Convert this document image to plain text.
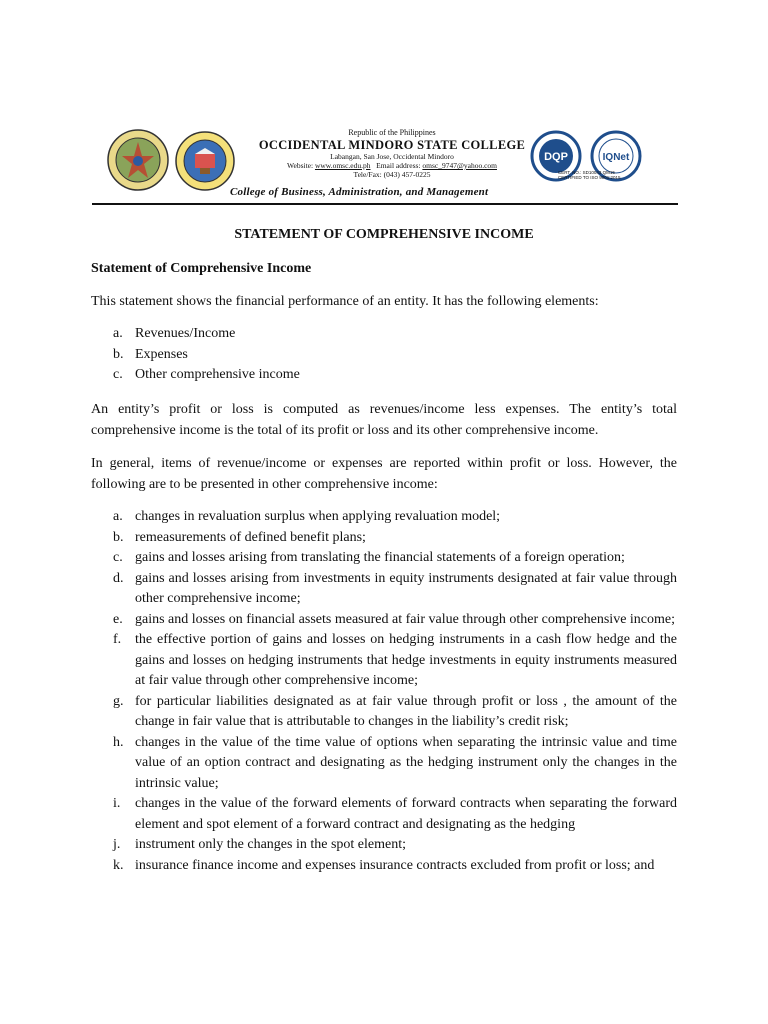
Republic of the Philippines
OCCIDENTAL MINDORO STATE COLLEGE
Labangan, San Jose, Occidental Mindoro
Website: www.omsc.edu.ph Email address: omsc_9747@yahoo.com
Tele/Fax: (043) 457-0225
DQP	IQNet
CERT. NO.: SD10043 QM15
CERTIFIED TO ISO 9001:2015
College of Business, Administration, and Management
STATEMENT OF COMPREHENSIVE INCOME
Statement of Comprehensive Income
This statement shows the financial performance of an entity. It has the following elements:
a. Revenues/Income
b. Expenses
c. Other comprehensive income
An entity’s profit or loss is computed as revenues/income less expenses. The entity’s total comprehensive income is the total of its profit or loss and its other comprehensive income.
In general, items of revenue/income or expenses are reported within profit or loss. However, the following are to be presented in other comprehensive income:
a. changes in revaluation surplus when applying revaluation model;
b. remeasurements of defined benefit plans;
c. gains and losses arising from translating the financial statements of a foreign operation;
d. gains and losses arising from investments in equity instruments designated at fair value through other comprehensive income;
e. gains and losses on financial assets measured at fair value through other comprehensive income;
f. the effective portion of gains and losses on hedging instruments in a cash flow hedge and the gains and losses on hedging instruments that hedge investments in equity instruments measured at fair value through other comprehensive income;
g. for particular liabilities designated as at fair value through profit or loss , the amount of the change in fair value that is attributable to changes in the liability’s credit risk;
h. changes in the value of the time value of options when separating the intrinsic value and time value of an option contract and designating as the hedging instrument only the changes in the intrinsic value;
i. changes in the value of the forward elements of forward contracts when separating the forward element and spot element of a forward contract and designating as the hedging
j. instrument only the changes in the spot element;
k. insurance finance income and expenses insurance contracts excluded from profit or loss; and
